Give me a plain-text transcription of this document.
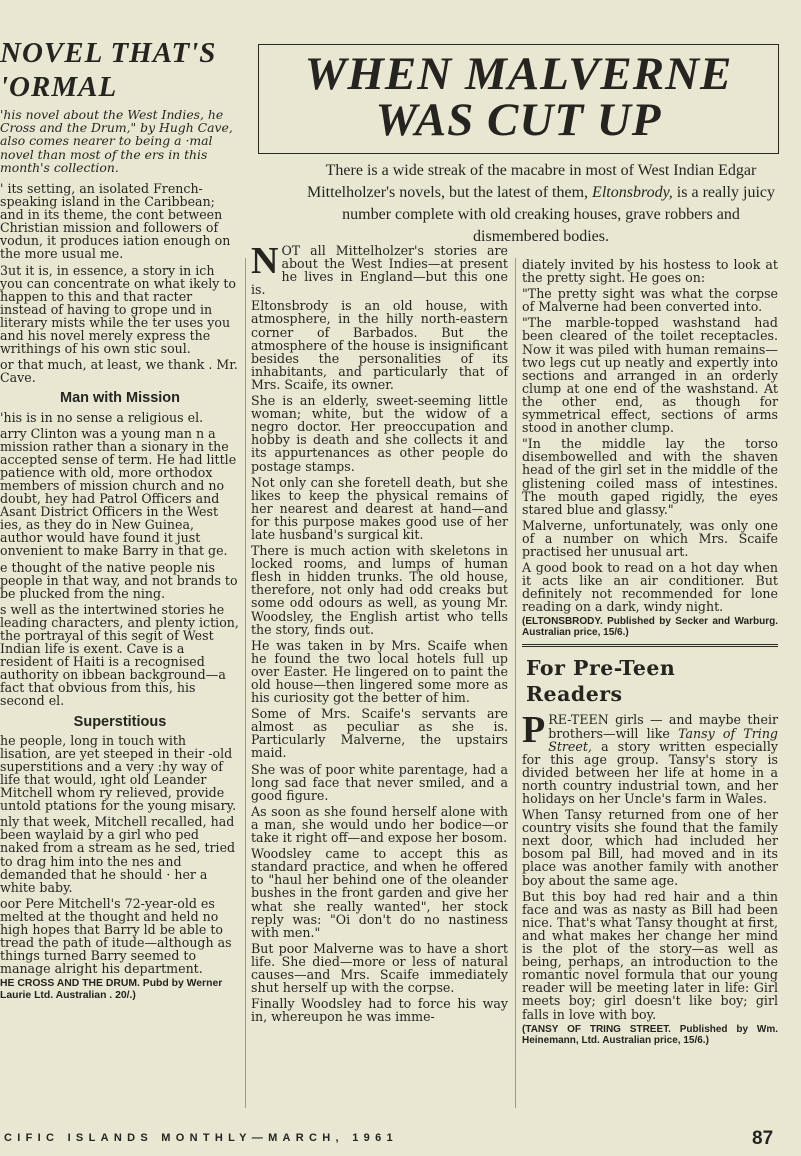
NOVEL THAT'S
'ORMAL

'his novel about the West Indies, he Cross and the Drum," by Hugh Cave, also comes nearer to being a ·mal novel than most of the ers in this month's collection.

' its setting, an isolated French-speaking island in the Caribbean; and in its theme, the cont between Christian mission and followers of vodun, it produces iation enough on the more usual me.

3ut it is, in essence, a story in ich you can concentrate on what ikely to happen to this and that racter instead of having to grope und in literary mists while the ter uses you and his novel merely express the writhings of his own stic soul.

or that much, at least, we thank . Mr. Cave.

Man with Mission

'his is in no sense a religious el.

arry Clinton was a young man n a mission rather than a sionary in the accepted sense of term. He had little patience with old, more orthodox members of mission church and no doubt, hey had Patrol Officers and Asant District Officers in the West ies, as they do in New Guinea, author would have found it just onvenient to make Barry in that ge.

e thought of the native people nis people in that way, and not brands to be plucked from the ning.

s well as the intertwined stories he leading characters, and plenty iction, the portrayal of this segit of West Indian life is exent. Cave is a resident of Haiti is a recognised authority on ibbean background—a fact that obvious from this, his second el.

Superstitious

he people, long in touch with lisation, are yet steeped in their -old superstitions and a very :hy way of life that would, ıght old Leander Mitchell whom ry relieved, provide untold ptations for the young misary.

nly that week, Mitchell recalled, had been waylaid by a girl who ped naked from a stream as he sed, tried to drag him into the nes and demanded that he should · her a white baby.

oor Pere Mitchell's 72-year-old es melted at the thought and held no high hopes that Barry ld be able to tread the path of itude—although as things turned Barry seemed to manage alright his department.

HE CROSS AND THE DRUM. Pubd by Werner Laurie Ltd. Australian . 20/.)
WHEN MALVERNE
WAS CUT UP
There is a wide streak of the macabre in most of West Indian Edgar Mittelholzer's novels, but the latest of them, Eltonsbrody, is a really juicy number complete with old creaking houses, grave robbers and dismembered bodies.

NOT all Mittelholzer's stories are about the West Indies—at present he lives in England—but this one is.

Eltonsbrody is an old house, with atmosphere, in the hilly north-eastern corner of Barbados. But the atmosphere of the house is insignificant besides the personalities of its inhabitants, and particularly that of Mrs. Scaife, its owner.

She is an elderly, sweet-seeming little woman; white, but the widow of a negro doctor. Her preoccupation and hobby is death and she collects it and its appurtenances as other people do postage stamps.

Not only can she foretell death, but she likes to keep the physical remains of her nearest and dearest at hand—and for this purpose makes good use of her late husband's surgical kit.

There is much action with skeletons in locked rooms, and lumps of human flesh in hidden trunks. The old house, therefore, not only had odd creaks but some odd odours as well, as young Mr. Woodsley, the English artist who tells the story, finds out.

He was taken in by Mrs. Scaife when he found the two local hotels full up over Easter. He lingered on to paint the old house—then lingered some more as his curiosity got the better of him.

Some of Mrs. Scaife's servants are almost as peculiar as she is. Particularly Malverne, the upstairs maid.

She was of poor white parentage, had a long sad face that never smiled, and a good figure.

As soon as she found herself alone with a man, she would undo her bodice—or take it right off—and expose her bosom.

Woodsley came to accept this as standard practice, and when he offered to "haul her behind one of the oleander bushes in the front garden and give her what she really wanted", her stock reply was: "Oi don't do no nastiness with men."

But poor Malverne was to have a short life. She died—more or less of natural causes—and Mrs. Scaife immediately shut herself up with the corpse.

Finally Woodsley had to force his way in, whereupon he was imme-

diately invited by his hostess to look at the pretty sight. He goes on:

"The pretty sight was what the corpse of Malverne had been converted into.

"The marble-topped washstand had been cleared of the toilet receptacles. Now it was piled with human remains—two legs cut up neatly and expertly into sections and arranged in an orderly clump at one end of the washstand. At the other end, as though for symmetrical effect, sections of arms stood in another clump.

"In the middle lay the torso disembowelled and with the shaven head of the girl set in the middle of the glistening coiled mass of intestines. The mouth gaped rigidly, the eyes stared blue and glassy."

Malverne, unfortunately, was only one of a number on which Mrs. Scaife practised her unusual art.

A good book to read on a hot day when it acts like an air conditioner. But definitely not recommended for lone reading on a dark, windy night.

(ELTONSBRODY. Published by Secker and Warburg. Australian price, 15/6.)
For Pre-Teen
Readers

PRE-TEEN girls — and maybe their brothers—will like Tansy of Tring Street, a story written especially for this age group. Tansy's story is divided between her life at home in a north country industrial town, and her holidays on her Uncle's farm in Wales.

When Tansy returned from one of her country visits she found that the family next door, which had included her bosom pal Bill, had moved and in its place was another family with another boy about the same age.

But this boy had red hair and a thin face and was as nasty as Bill had been nice. That's what Tansy thought at first, and what makes her change her mind is the plot of the story—as well as being, perhaps, an introduction to the romantic novel formula that our young reader will be meeting later in life: Girl meets boy; girl doesn't like boy; girl falls in love with boy.

(TANSY OF TRING STREET. Published by Wm. Heinemann, Ltd. Australian price, 15/6.)
CIFIC ISLANDS MONTHLY—MARCH, 1961	87
